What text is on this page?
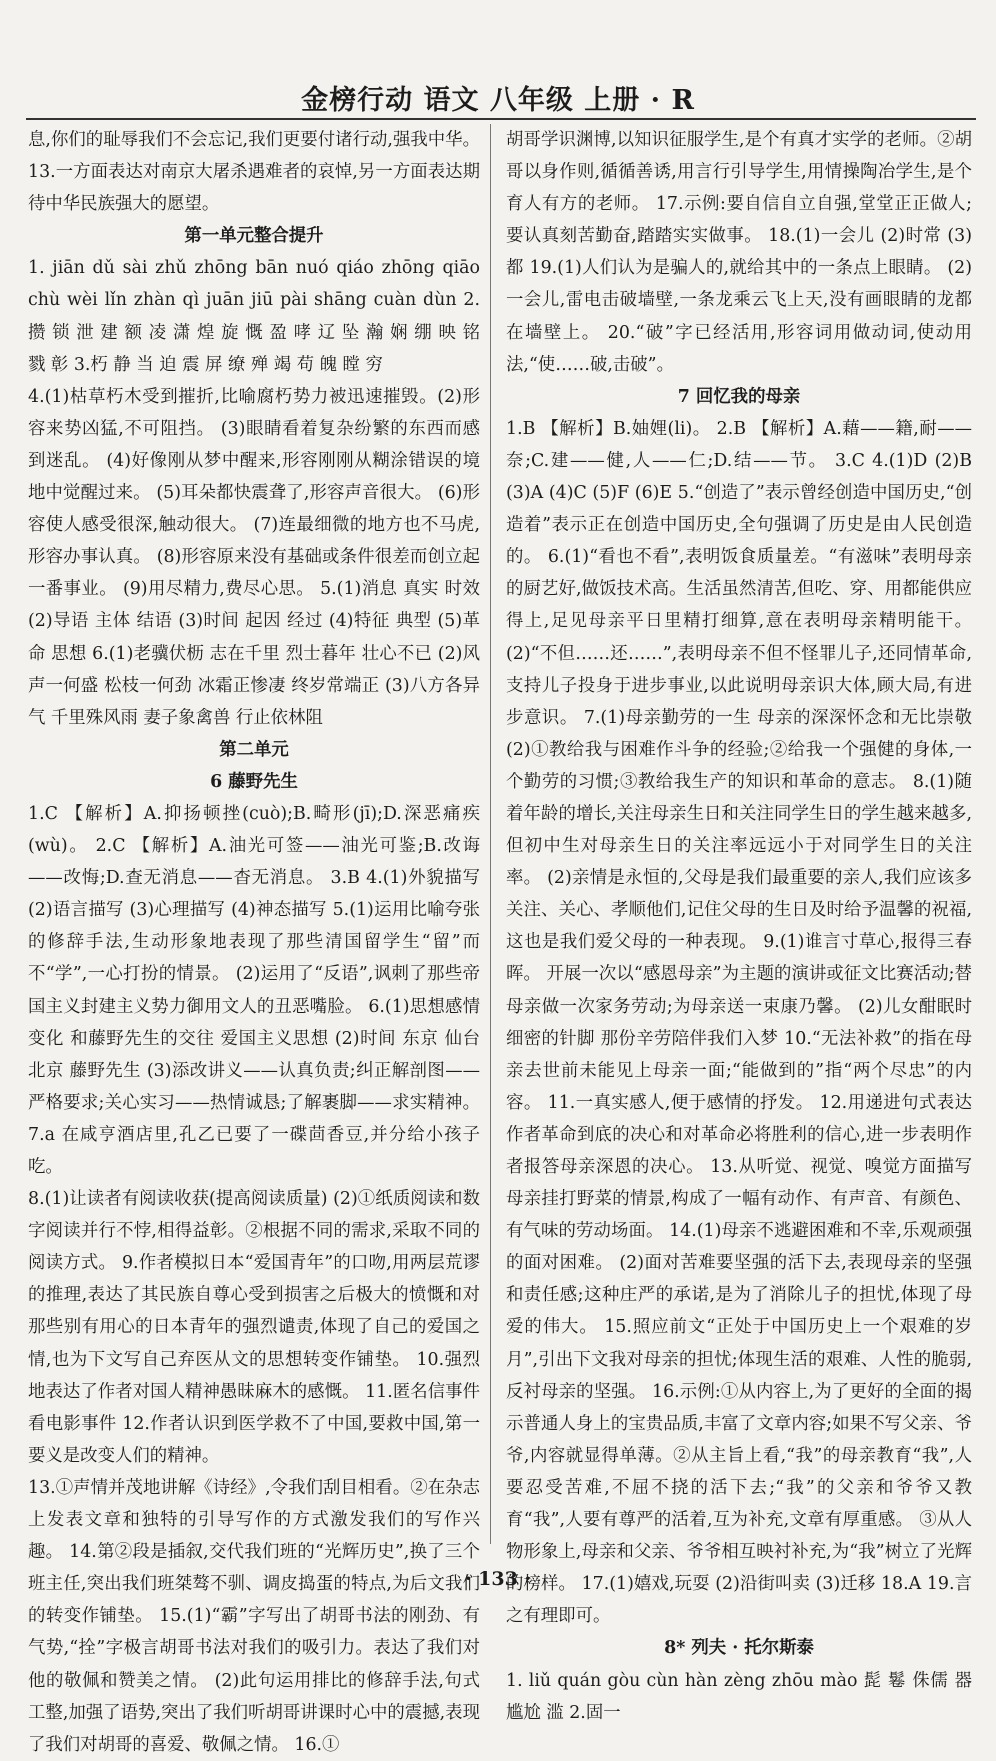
金榜行动 语文 八年级 上册 · R

息,你们的耻辱我们不会忘记,我们更要付诸行动,强我中华。 13.一方面表达对南京大屠杀遇难者的哀悼,另一方面表达期待中华民族强大的愿望。

第一单元整合提升

1. jiān dǔ sài zhǔ zhōng bān nuó qiáo zhōng qiāo chù wèi lǐn zhàn qì juān jiū pài shāng cuàn dùn 2.攒 锁 泄 建 额 凌 潇 煌 旋 慨 盈 哮 辽 坠 瀚 娴 绷 映 铭 戮 彰 3.朽 静 当 迫 震 屏 缭 殚 竭 苟 魄 瞠 穷

4.(1)枯草朽木受到摧折,比喻腐朽势力被迅速摧毁。(2)形容来势凶猛,不可阻挡。 (3)眼睛看着复杂纷繁的东西而感到迷乱。 (4)好像刚从梦中醒来,形容刚刚从糊涂错误的境地中觉醒过来。 (5)耳朵都快震聋了,形容声音很大。 (6)形容使人感受很深,触动很大。 (7)连最细微的地方也不马虎,形容办事认真。 (8)形容原来没有基础或条件很差而创立起一番事业。 (9)用尽精力,费尽心思。 5.(1)消息 真实 时效 (2)导语 主体 结语 (3)时间 起因 经过 (4)特征 典型 (5)革命 思想 6.(1)老骥伏枥 志在千里 烈士暮年 壮心不已 (2)风声一何盛 松枝一何劲 冰霜正惨凄 终岁常端正 (3)八方各异气 千里殊风雨 妻子象禽兽 行止依林阻

第二单元

6 藤野先生

1.C 【解析】A.抑扬顿挫(cuò);B.畸形(jī);D.深恶痛疾(wù)。 2.C 【解析】A.油光可签——油光可鉴;B.改诲——改悔;D.查无消息——杳无消息。 3.B 4.(1)外貌描写 (2)语言描写 (3)心理描写 (4)神态描写 5.(1)运用比喻夸张的修辞手法,生动形象地表现了那些清国留学生“留”而不“学”,一心打扮的情景。 (2)运用了“反语”,讽刺了那些帝国主义封建主义势力御用文人的丑恶嘴脸。 6.(1)思想感情变化 和藤野先生的交往 爱国主义思想 (2)时间 东京 仙台 北京 藤野先生 (3)添改讲义——认真负责;纠正解剖图——严格要求;关心实习——热情诚恳;了解裹脚——求实精神。 7.a 在咸亨酒店里,孔乙已要了一碟茴香豆,并分给小孩子吃。

8.(1)让读者有阅读收获(提高阅读质量) (2)①纸质阅读和数字阅读并行不悖,相得益彰。②根据不同的需求,采取不同的阅读方式。 9.作者模拟日本“爱国青年”的口吻,用两层荒谬的推理,表达了其民族自尊心受到损害之后极大的愤慨和对那些别有用心的日本青年的强烈谴责,体现了自己的爱国之情,也为下文写自己弃医从文的思想转变作铺垫。 10.强烈地表达了作者对国人精神愚昧麻木的感慨。 11.匿名信事件 看电影事件 12.作者认识到医学救不了中国,要救中国,第一要义是改变人们的精神。

13.①声情并茂地讲解《诗经》,令我们刮目相看。②在杂志上发表文章和独特的引导写作的方式激发我们的写作兴趣。 14.第②段是插叙,交代我们班的“光辉历史”,换了三个班主任,突出我们班桀骜不驯、调皮捣蛋的特点,为后文我们的转变作铺垫。 15.(1)“霸”字写出了胡哥书法的刚劲、有气势,“拴”字极言胡哥书法对我们的吸引力。表达了我们对他的敬佩和赞美之情。 (2)此句运用排比的修辞手法,句式工整,加强了语势,突出了我们听胡哥讲课时心中的震撼,表现了我们对胡哥的喜爱、敬佩之情。 16.①

胡哥学识渊博,以知识征服学生,是个有真才实学的老师。②胡哥以身作则,循循善诱,用言行引导学生,用情操陶冶学生,是个育人有方的老师。 17.示例:要自信自立自强,堂堂正正做人;要认真刻苦勤奋,踏踏实实做事。 18.(1)一会儿 (2)时常 (3)都 19.(1)人们认为是骗人的,就给其中的一条点上眼睛。 (2)一会儿,雷电击破墙壁,一条龙乘云飞上天,没有画眼睛的龙都在墙壁上。 20.“破”字已经活用,形容词用做动词,使动用法,“使……破,击破”。

7 回忆我的母亲

1.B 【解析】B.妯娌(li)。 2.B 【解析】A.藉——籍,耐——奈;C.建——健,人——仁;D.结——节。 3.C 4.(1)D (2)B (3)A (4)C (5)F (6)E 5.“创造了”表示曾经创造中国历史,“创造着”表示正在创造中国历史,全句强调了历史是由人民创造的。 6.(1)“看也不看”,表明饭食质量差。“有滋味”表明母亲的厨艺好,做饭技术高。生活虽然清苦,但吃、穿、用都能供应得上,足见母亲平日里精打细算,意在表明母亲精明能干。 (2)“不但……还……”,表明母亲不但不怪罪儿子,还同情革命,支持儿子投身于进步事业,以此说明母亲识大体,顾大局,有进步意识。 7.(1)母亲勤劳的一生 母亲的深深怀念和无比崇敬 (2)①教给我与困难作斗争的经验;②给我一个强健的身体,一个勤劳的习惯;③教给我生产的知识和革命的意志。 8.(1)随着年龄的增长,关注母亲生日和关注同学生日的学生越来越多,但初中生对母亲生日的关注率远远小于对同学生日的关注率。 (2)亲情是永恒的,父母是我们最重要的亲人,我们应该多关注、关心、孝顺他们,记住父母的生日及时给予温馨的祝福,这也是我们爱父母的一种表现。 9.(1)谁言寸草心,报得三春晖。 开展一次以“感恩母亲”为主题的演讲或征文比赛活动;替母亲做一次家务劳动;为母亲送一束康乃馨。 (2)儿女酣眠时细密的针脚 那份辛劳陪伴我们入梦 10.“无法补救”的指在母亲去世前未能见上母亲一面;“能做到的”指“两个尽忠”的内容。 11.一真实感人,便于感情的抒发。 12.用递进句式表达作者革命到底的决心和对革命必将胜利的信心,进一步表明作者报答母亲深恩的决心。 13.从听觉、视觉、嗅觉方面描写母亲挂打野菜的情景,构成了一幅有动作、有声音、有颜色、有气味的劳动场面。 14.(1)母亲不逃避困难和不幸,乐观顽强的面对困难。 (2)面对苦难要坚强的活下去,表现母亲的坚强和责任感;这种庄严的承诺,是为了消除儿子的担忧,体现了母爱的伟大。 15.照应前文“正处于中国历史上一个艰难的岁月”,引出下文我对母亲的担忧;体现生活的艰难、人性的脆弱,反衬母亲的坚强。 16.示例:①从内容上,为了更好的全面的揭示普通人身上的宝贵品质,丰富了文章内容;如果不写父亲、爷爷,内容就显得单薄。②从主旨上看,“我”的母亲教育“我”,人要忍受苦难,不屈不挠的活下去;“我”的父亲和爷爷又教育“我”,人要有尊严的活着,互为补充,文章有厚重感。 ③从人物形象上,母亲和父亲、爷爷相互映衬补充,为“我”树立了光辉的榜样。 17.(1)嬉戏,玩耍 (2)沿街叫卖 (3)迁移 18.A 19.言之有理即可。

8* 列夫 · 托尔斯泰

1. liǔ quán gòu cùn hàn zèng zhōu mào 髭 鬈 侏儒 器 尴尬 滥 2.固一

· 133 ·
